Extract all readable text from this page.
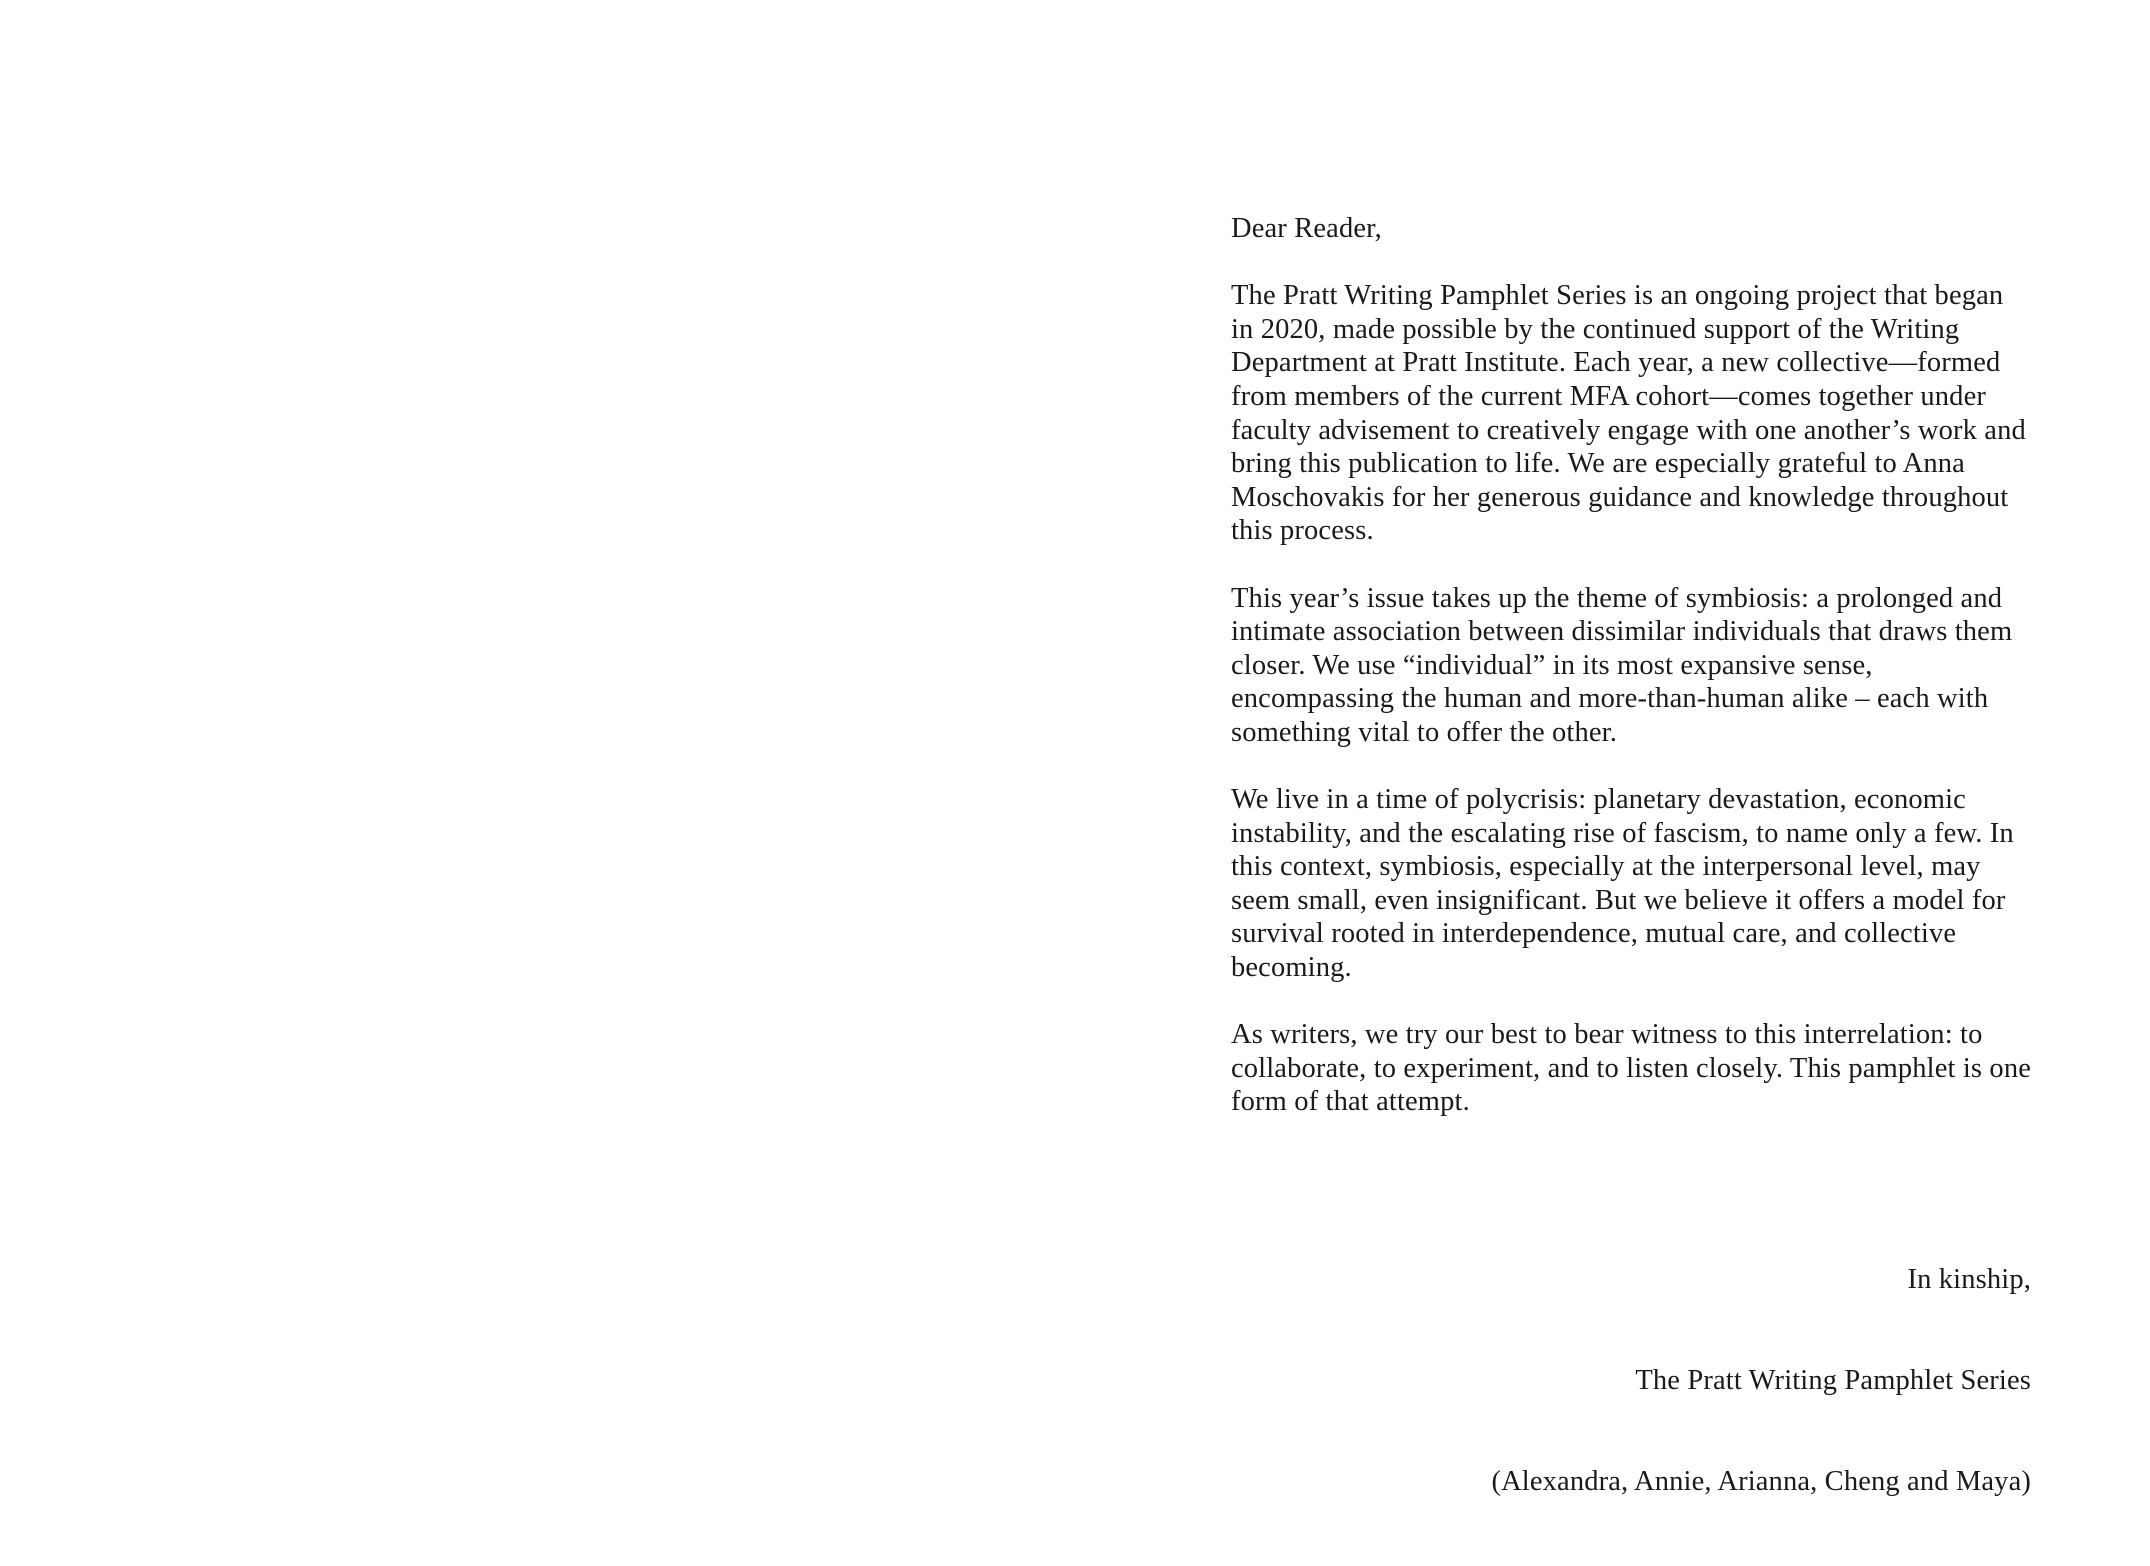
Dear Reader,

The Pratt Writing Pamphlet Series is an ongoing project that began in 2020, made possible by the continued support of the Writing Department at Pratt Institute. Each year, a new collective—formed from members of the current MFA cohort—comes together under faculty advisement to creatively engage with one another’s work and bring this publication to life. We are especially grateful to Anna Moschovakis for her generous guidance and knowledge throughout this process.

This year’s issue takes up the theme of symbiosis: a prolonged and intimate association between dissimilar individuals that draws them closer. We use “individual” in its most expansive sense, encompassing the human and more-than-human alike – each with something vital to offer the other.

We live in a time of polycrisis: planetary devastation, economic instability, and the escalating rise of fascism, to name only a few. In this context, symbiosis, especially at the interpersonal level, may seem small, even insignificant. But we believe it offers a model for survival rooted in interdependence, mutual care, and collective becoming.

As writers, we try our best to bear witness to this interrelation: to collaborate, to experiment, and to listen closely. This pamphlet is one form of that attempt.

In kinship,

The Pratt Writing Pamphlet Series

(Alexandra, Annie, Arianna, Cheng and Maya)
